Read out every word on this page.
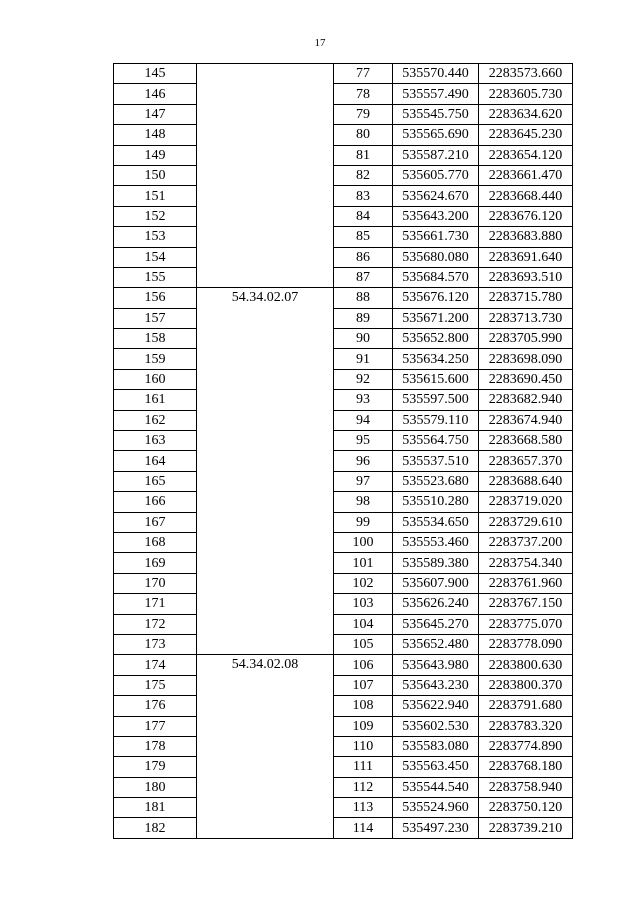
17
145		77	535570.440	2283573.660
146		78	535557.490	2283605.730
147		79	535545.750	2283634.620
148		80	535565.690	2283645.230
149		81	535587.210	2283654.120
150		82	535605.770	2283661.470
151		83	535624.670	2283668.440
152		84	535643.200	2283676.120
153		85	535661.730	2283683.880
154		86	535680.080	2283691.640
155		87	535684.570	2283693.510
156	54.34.02.07	88	535676.120	2283715.780
157		89	535671.200	2283713.730
158		90	535652.800	2283705.990
159		91	535634.250	2283698.090
160		92	535615.600	2283690.450
161		93	535597.500	2283682.940
162		94	535579.110	2283674.940
163		95	535564.750	2283668.580
164		96	535537.510	2283657.370
165		97	535523.680	2283688.640
166		98	535510.280	2283719.020
167		99	535534.650	2283729.610
168		100	535553.460	2283737.200
169		101	535589.380	2283754.340
170		102	535607.900	2283761.960
171		103	535626.240	2283767.150
172		104	535645.270	2283775.070
173		105	535652.480	2283778.090
174	54.34.02.08	106	535643.980	2283800.630
175		107	535643.230	2283800.370
176		108	535622.940	2283791.680
177		109	535602.530	2283783.320
178		110	535583.080	2283774.890
179		111	535563.450	2283768.180
180		112	535544.540	2283758.940
181		113	535524.960	2283750.120
182		114	535497.230	2283739.210
